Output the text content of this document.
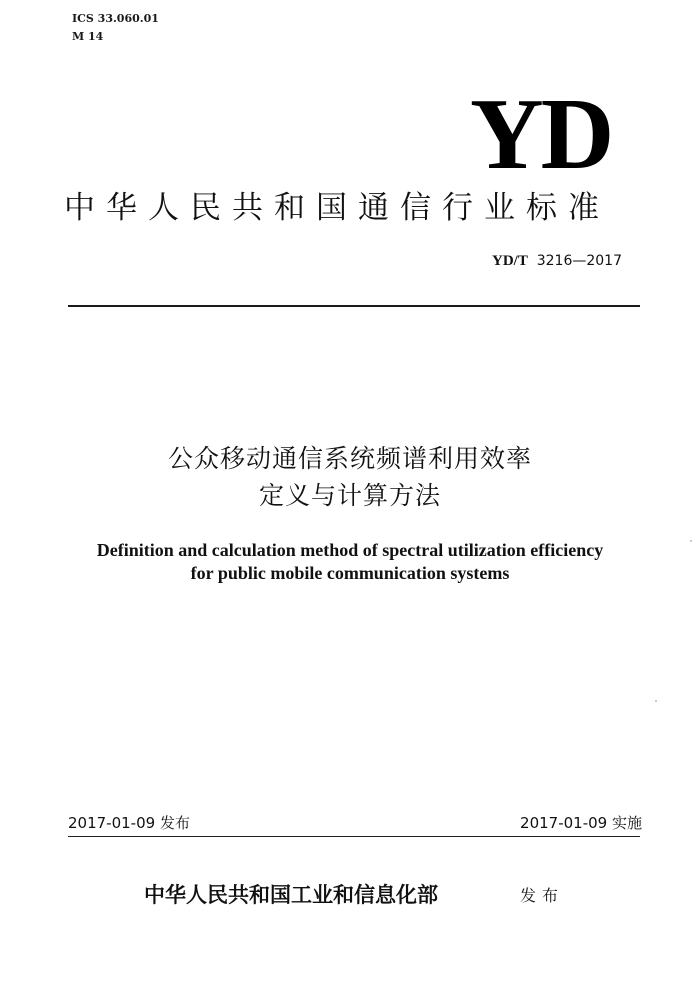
ICS 33.060.01
M 14
YD
中华人民共和国通信行业标准
YD/T 3216—2017
公众移动通信系统频谱利用效率
定义与计算方法
Definition and calculation method of spectral utilization efficiency
for public mobile communication systems
2017-01-09 发布	2017-01-09 实施
中华人民共和国工业和信息化部	发布
